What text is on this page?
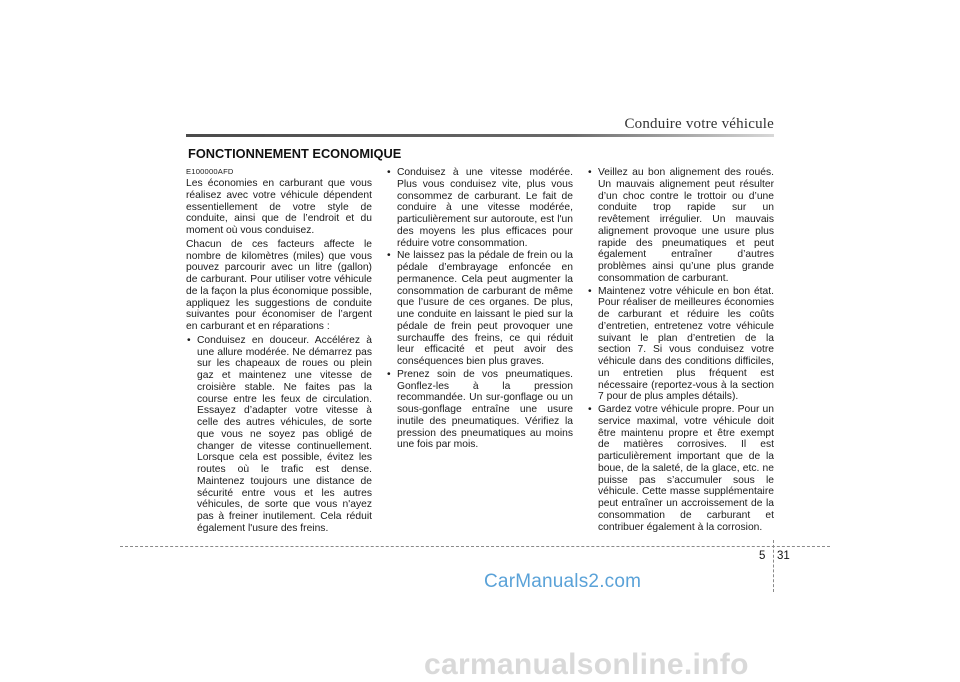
Conduire votre véhicule
FONCTIONNEMENT ECONOMIQUE
E100000AFD

Les économies en carburant que vous réalisez avec votre véhicule dépendent essentiellement de votre style de conduite, ainsi que de l’endroit et du moment où vous conduisez.

Chacun de ces facteurs affecte le nombre de kilomètres (miles) que vous pouvez parcourir avec un litre (gallon) de carburant. Pour utiliser votre véhicule de la façon la plus économique possible, appliquez les suggestions de conduite suivantes pour économiser de l’argent en carburant et en réparations :

• Conduisez en douceur. Accélérez à une allure modérée. Ne démarrez pas sur les chapeaux de roues ou plein gaz et maintenez une vitesse de croisière stable. Ne faites pas la course entre les feux de circulation. Essayez d’adapter votre vitesse à celle des autres véhicules, de sorte que vous ne soyez pas obligé de changer de vitesse continuellement. Lorsque cela est possible, évitez les routes où le trafic est dense. Maintenez toujours une distance de sécurité entre vous et les autres véhicules, de sorte que vous n'ayez pas à freiner inutilement. Cela réduit également l'usure des freins.
• Conduisez à une vitesse modérée. Plus vous conduisez vite, plus vous consommez de carburant. Le fait de conduire à une vitesse modérée, particulièrement sur autoroute, est l'un des moyens les plus efficaces pour réduire votre consommation.
• Ne laissez pas la pédale de frein ou la pédale d’embrayage enfoncée en permanence. Cela peut augmenter la consommation de carburant de même que l’usure de ces organes. De plus, une conduite en laissant le pied sur la pédale de frein peut provoquer une surchauffe des freins, ce qui réduit leur efficacité et peut avoir des conséquences bien plus graves.
• Prenez soin de vos pneumatiques. Gonflez-les à la pression recommandée. Un sur-gonflage ou un sous-gonflage entraîne une usure inutile des pneumatiques. Vérifiez la pression des pneumatiques au moins une fois par mois.
• Veillez au bon alignement des roués. Un mauvais alignement peut résulter d’un choc contre le trottoir ou d’une conduite trop rapide sur un revêtement irrégulier. Un mauvais alignement provoque une usure plus rapide des pneumatiques et peut également entraîner d’autres problèmes ainsi qu’une plus grande consommation de carburant.
• Maintenez votre véhicule en bon état. Pour réaliser de meilleures économies de carburant et réduire les coûts d’entretien, entretenez votre véhicule suivant le plan d’entretien de la section 7. Si vous conduisez votre véhicule dans des conditions difficiles, un entretien plus fréquent est nécessaire (reportez-vous à la section 7 pour de plus amples détails).
• Gardez votre véhicule propre. Pour un service maximal, votre véhicule doit être maintenu propre et être exempt de matières corrosives. Il est particulièrement important que de la boue, de la saleté, de la glace, etc. ne puisse pas s’accumuler sous le véhicule. Cette masse supplémentaire peut entraîner un accroissement de la consommation de carburant et contribuer également à la corrosion.
5 31
CarManuals2.com
carmanualsonline.info
